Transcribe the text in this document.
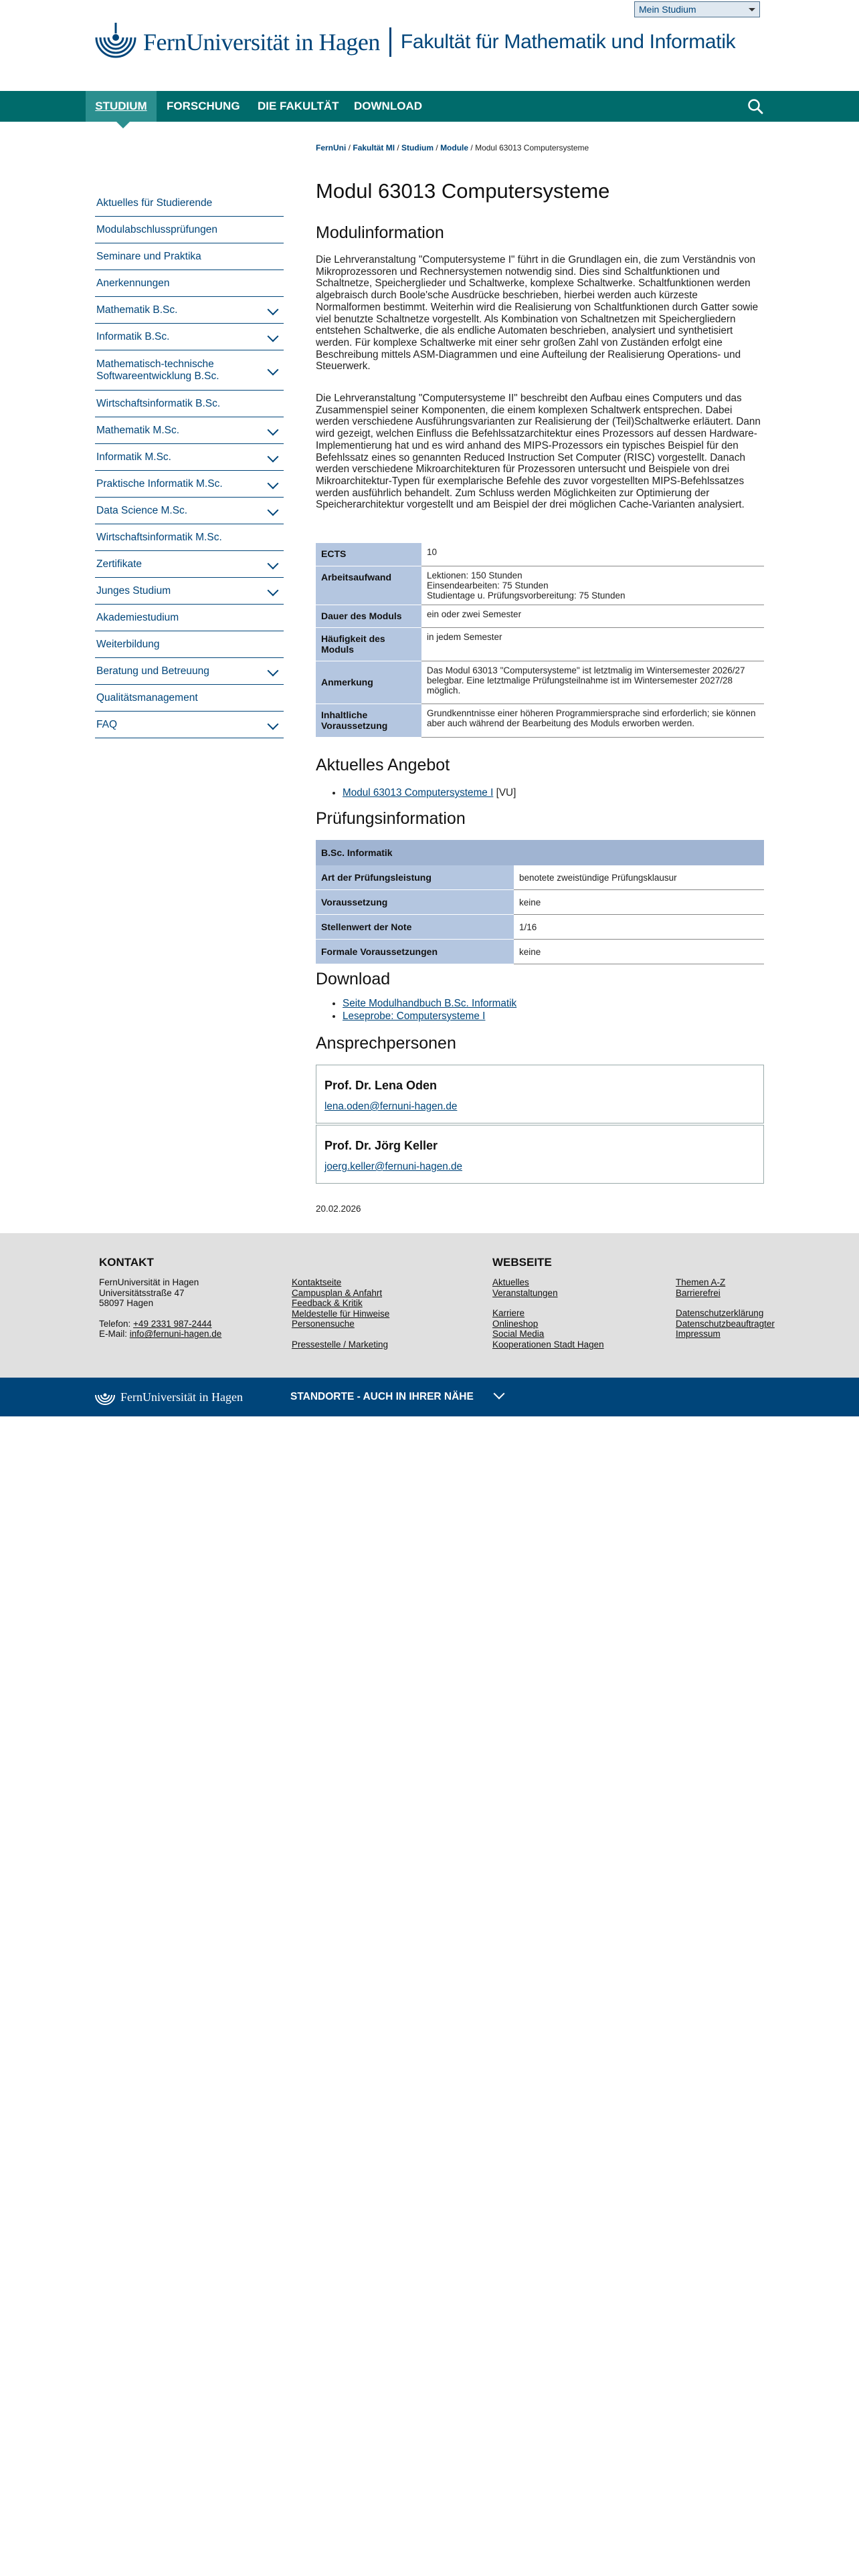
FernUniversität in Hagen Fakultät für Mathematik und Informatik
Mein Studium
STUDIUM	FORSCHUNG DIE FAKULTÄT DOWNLOAD
FernUni / Fakultät MI / Studium / Module / Modul 63013 Computersysteme
Aktuelles für Studierende
Modulabschlussprüfungen
Seminare und Praktika
Anerkennungen
Mathematik B.Sc.
Informatik B.Sc.
Mathematisch-technische Softwareentwicklung B.Sc.
Wirtschaftsinformatik B.Sc.
Mathematik M.Sc.
Informatik M.Sc.
Praktische Informatik M.Sc.
Data Science M.Sc.
Wirtschaftsinformatik M.Sc.
Zertifikate
Junges Studium
Akademiestudium
Weiterbildung
Beratung und Betreuung
Qualitätsmanagement
FAQ
Modul 63013 Computersysteme
Modulinformation

Die Lehrveranstaltung "Computersysteme I" führt in die Grundlagen ein, die zum Verständnis von Mikroprozessoren und Rechnersystemen notwendig sind. Dies sind Schaltfunktionen und Schaltnetze, Speicherglieder und Schaltwerke, komplexe Schaltwerke. Schaltfunktionen werden algebraisch durch Boole'sche Ausdrücke beschrieben, hierbei werden auch kürzeste Normalformen bestimmt. Weiterhin wird die Realisierung von Schaltfunktionen durch Gatter sowie viel benutzte Schaltnetze vorgestellt. Als Kombination von Schaltnetzen mit Speichergliedern entstehen Schaltwerke, die als endliche Automaten beschrieben, analysiert und synthetisiert werden. Für komplexe Schaltwerke mit einer sehr großen Zahl von Zuständen erfolgt eine Beschreibung mittels ASM-Diagrammen und eine Aufteilung der Realisierung Operations- und Steuerwerk.

Die Lehrveranstaltung "Computersysteme II" beschreibt den Aufbau eines Computers und das Zusammenspiel seiner Komponenten, die einem komplexen Schaltwerk entsprechen. Dabei werden verschiedene Ausführungsvarianten zur Realisierung der (Teil)Schaltwerke erläutert. Dann wird gezeigt, welchen Einfluss die Befehlssatzarchitektur eines Prozessors auf dessen Hardware-Implementierung hat und es wird anhand des MIPS-Prozessors ein typisches Beispiel für den Befehlssatz eines so genannten Reduced Instruction Set Computer (RISC) vorgestellt. Danach werden verschiedene Mikroarchitekturen für Prozessoren untersucht und Beispiele von drei Mikroarchitektur-Typen für exemplarische Befehle des zuvor vorgestellten MIPS-Befehlssatzes werden ausführlich behandelt. Zum Schluss werden Möglichkeiten zur Optimierung der Speicherarchitektur vorgestellt und am Beispiel der drei möglichen Cache-Varianten analysiert.

ECTS	10

Arbeitsaufwand	Lektionen: 150 Stunden
Einsendearbeiten: 75 Stunden
Studientage u. Prüfungsvorbereitung: 75 Stunden

Dauer des Moduls	ein oder zwei Semester

Häufigkeit des Moduls	in jedem Semester

Anmerkung	Das Modul 63013 "Computersysteme" ist letztmalig im Wintersemester 2026/27 belegbar. Eine letztmalige Prüfungsteilnahme ist im Wintersemester 2027/28 möglich.

Inhaltliche Voraussetzung	Grundkenntnisse einer höheren Programmiersprache sind erforderlich; sie können aber auch während der Bearbeitung des Moduls erworben werden.
Aktuelles Angebot
• Modul 63013 Computersysteme I [VU]
Prüfungsinformation
B.Sc. Informatik	
Art der Prüfungsleistung	benotete zweistündige Prüfungsklausur
Voraussetzung	keine
Stellenwert der Note	1/16
Formale Voraussetzungen	keine
Download
• Seite Modulhandbuch B.Sc. Informatik
• Leseprobe: Computersysteme I
Ansprechpersonen
Prof. Dr. Lena Oden
lena.oden@fernuni-hagen.de
Prof. Dr. Jörg Keller
joerg.keller@fernuni-hagen.de
20.02.2026
KONTAKT
FernUniversität in Hagen
Universitätsstraße 47
58097 Hagen
Telefon: +49 2331 987-2444
E-Mail: info@fernuni-hagen.de
Kontaktseite
Campusplan & Anfahrt
Feedback & Kritik
Meldestelle für Hinweise
Personensuche
Pressestelle / Marketing
WEBSEITE
Aktuelles
Veranstaltungen
Karriere
Onlineshop
Social Media
Kooperationen Stadt Hagen
Themen A-Z
Barrierefrei
Datenschutzerklärung
Datenschutzbeauftragter
Impressum
FernUniversität in Hagen	STANDORTE - AUCH IN IHRER NÄHE
